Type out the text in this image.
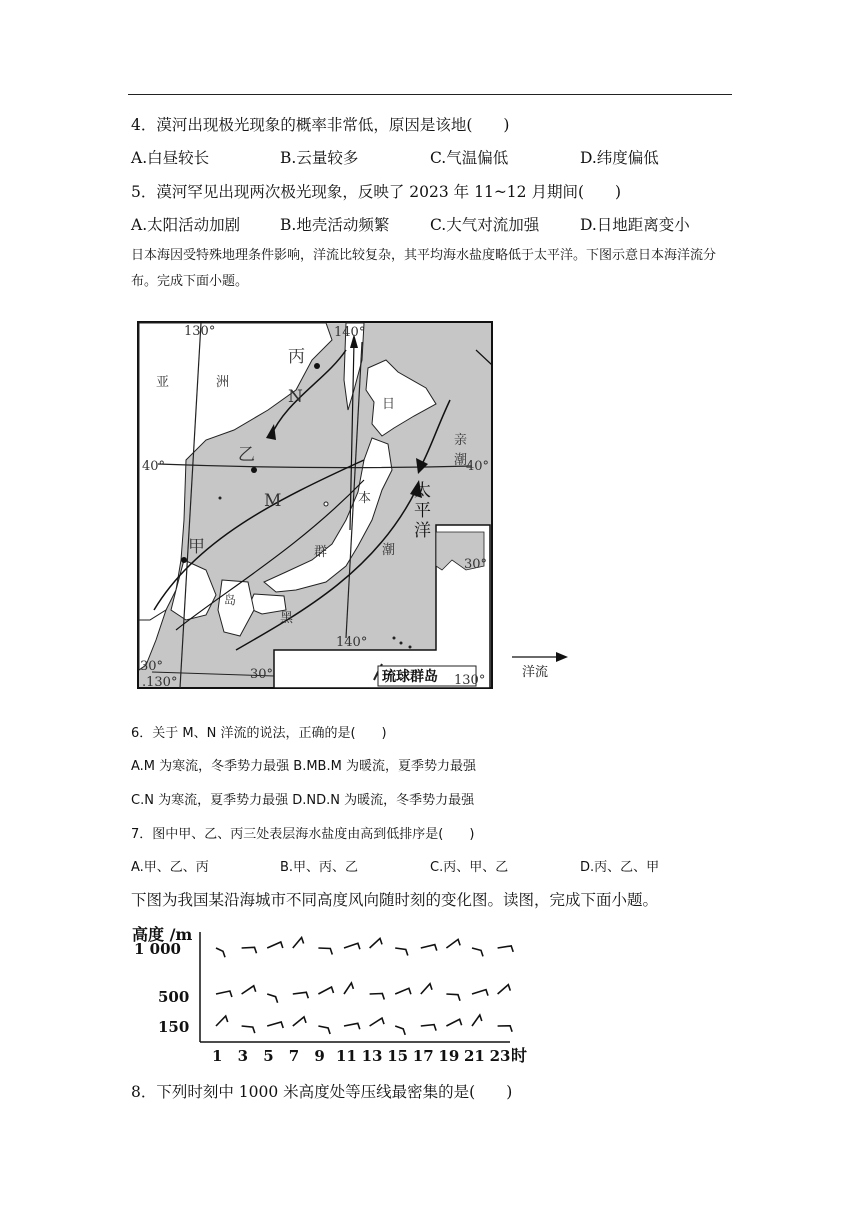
4．漠河出现极光现象的概率非常低，原因是该地(　　)
A.白昼较长	B.云量较多	C.气温偏低	D.纬度偏低
5．漠河罕见出现两次极光现象，反映了 2023 年 11~12 月期间(　　)
A.太阳活动加剧	B.地壳活动频繁	C.大气对流加强	D.日地距离变小
日本海因受特殊地理条件影响，洋流比较复杂，其平均海水盐度略低于太平洋。下图示意日本海洋流分布。完成下面小题。
琉球群岛
130°	140°
40°	40°
30°
.130°
140°
30°
30°
130°
亚	洲
丙
N
乙
M
甲
日
本
群
岛
黑
潮
亲
潮
太
平
洋
洋流
6．关于 M、N 洋流的说法，正确的是(　　)
A.M 为寒流，冬季势力最强 B.MB.M 为暖流，夏季势力最强
C.N 为寒流，夏季势力最强 D.ND.N 为暖流，冬季势力最强
7．图中甲、乙、丙三处表层海水盐度由高到低排序是(　　)
A.甲、乙、丙	B.甲、丙、乙	C.丙、甲、乙	D.丙、乙、甲
下图为我国某沿海城市不同高度风向随时刻的变化图。读图，完成下面小题。
高度 /m
1 000
500
150
1 3 5 7 9 11 13 15 17 19 21 23 时
8．下列时刻中 1000 米高度处等压线最密集的是(　　)
